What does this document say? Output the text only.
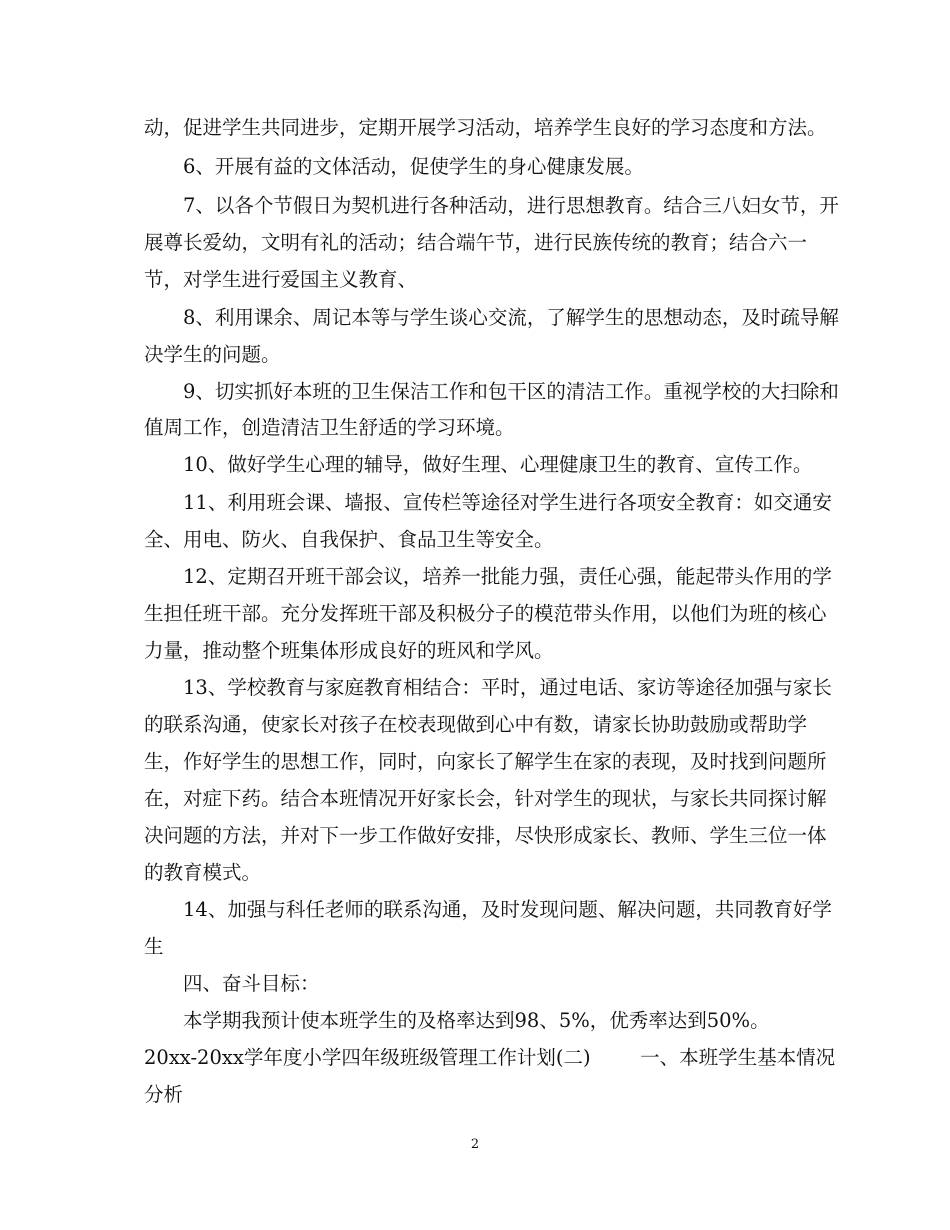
动，促进学生共同进步，定期开展学习活动，培养学生良好的学习态度和方法。
6、开展有益的文体活动，促使学生的身心健康发展。
7、以各个节假日为契机进行各种活动，进行思想教育。结合三八妇女节，开
展尊长爱幼，文明有礼的活动；结合端午节，进行民族传统的教育；结合六一
节，对学生进行爱国主义教育、
8、利用课余、周记本等与学生谈心交流，了解学生的思想动态，及时疏导解
决学生的问题。
9、切实抓好本班的卫生保洁工作和包干区的清洁工作。重视学校的大扫除和
值周工作，创造清洁卫生舒适的学习环境。
10、做好学生心理的辅导，做好生理、心理健康卫生的教育、宣传工作。
11、利用班会课、墙报、宣传栏等途径对学生进行各项安全教育：如交通安
全、用电、防火、自我保护、食品卫生等安全。
12、定期召开班干部会议，培养一批能力强，责任心强，能起带头作用的学
生担任班干部。充分发挥班干部及积极分子的模范带头作用，以他们为班的核心
力量，推动整个班集体形成良好的班风和学风。
13、学校教育与家庭教育相结合：平时，通过电话、家访等途径加强与家长
的联系沟通，使家长对孩子在校表现做到心中有数，请家长协助鼓励或帮助学
生，作好学生的思想工作，同时，向家长了解学生在家的表现，及时找到问题所
在，对症下药。结合本班情况开好家长会，针对学生的现状，与家长共同探讨解
决问题的方法，并对下一步工作做好安排，尽快形成家长、教师、学生三位一体
的教育模式。
14、加强与科任老师的联系沟通，及时发现问题、解决问题，共同教育好学
生
四、奋斗目标：
本学期我预计使本班学生的及格率达到98、5%，优秀率达到50%。
20xx-20xx学年度小学四年级班级管理工作计划(二)        一、本班学生基本情况
分析
2
